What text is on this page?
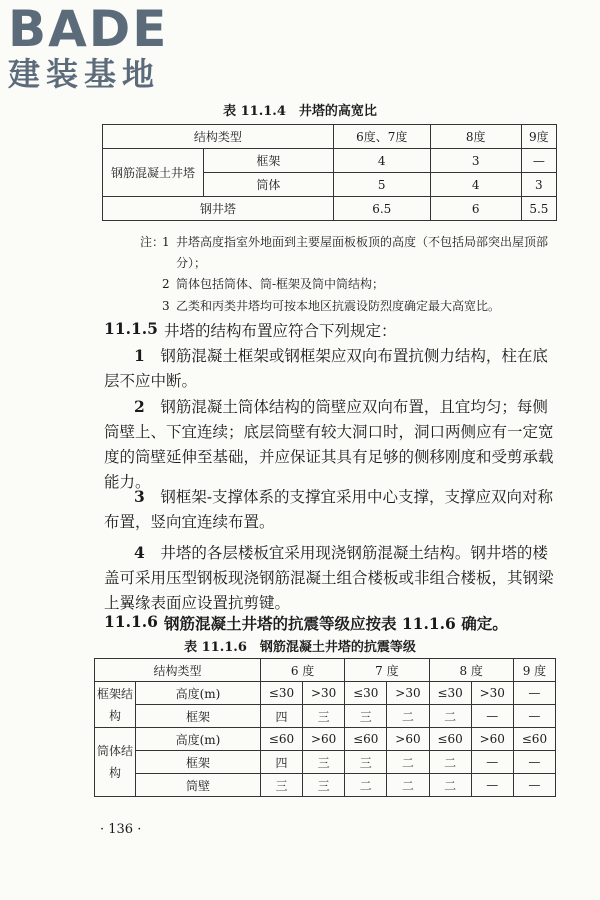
BADE
建装基地
表 11.1.4　井塔的高宽比
结构类型		6度、7度	8度	9度
钢筋混凝土井塔	框架	4	3	—
	筒体	5	4	3
钢井塔		6.5	6	5.5
注：
1 井塔高度指室外地面到主要屋面板板顶的高度（不包括局部突出屋顶部分）；
2 筒体包括筒体、筒-框架及筒中筒结构；
3 乙类和丙类井塔均可按本地区抗震设防烈度确定最大高宽比。
11.1.5 井塔的结构布置应符合下列规定：
1　 钢筋混凝土框架或钢框架应双向布置抗侧力结构，柱在底层不应中断。
2　 钢筋混凝土筒体结构的筒壁应双向布置，且宜均匀；每侧筒壁上、下宜连续；底层筒壁有较大洞口时，洞口两侧应有一定宽度的筒壁延伸至基础，并应保证其具有足够的侧移刚度和受剪承载能力。
3　 钢框架-支撑体系的支撑宜采用中心支撑，支撑应双向对称布置，竖向宜连续布置。
4　 井塔的各层楼板宜采用现浇钢筋混凝土结构。钢井塔的楼盖可采用压型钢板现浇钢筋混凝土组合楼板或非组合楼板，其钢梁上翼缘表面应设置抗剪键。
11.1.6 钢筋混凝土井塔的抗震等级应按表 11.1.6 确定。
表 11.1.6　钢筋混凝土井塔的抗震等级
结构类型		6 度		7 度		8 度		9 度
框架结构	高度(m)	≤30	>30	≤30	>30	≤30	>30	—
	框架	四	三	三	二	二	—	—
筒体结构	高度(m)	≤60	>60	≤60	>60	≤60	>60	≤60
	框架	四	三	三	二	二	—	—
	筒壁	三	三	二	二	二	—	—
· 136 ·
